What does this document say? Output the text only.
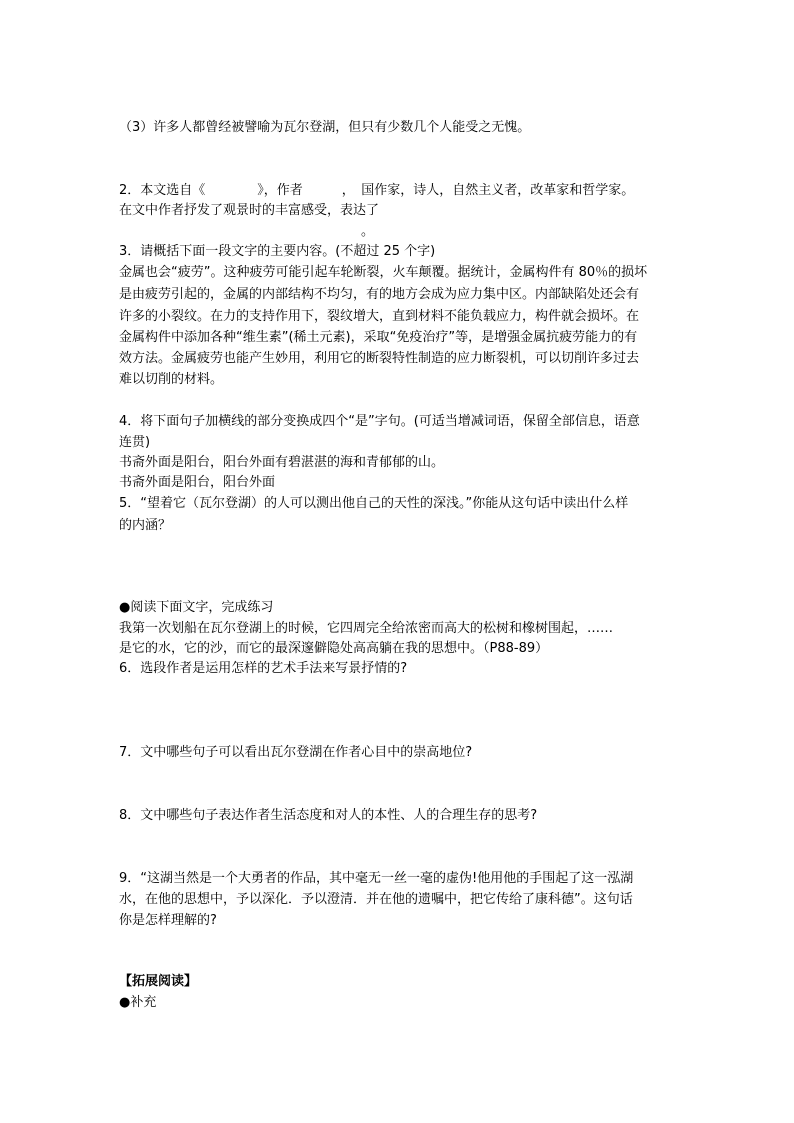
（3）许多人都曾经被譬喻为瓦尔登湖，但只有少数几个人能受之无愧。
2．本文选自《　　　　》，作者　　　，　国作家，诗人，自然主义者，改革家和哲学家。
在文中作者抒发了观景时的丰富感受，表达了
。
3．请概括下面一段文字的主要内容。(不超过 25 个字)
金属也会“疲劳”。这种疲劳可能引起车轮断裂，火车颠覆。据统计，金属构件有 80％的损坏
是由疲劳引起的，金属的内部结构不均匀，有的地方会成为应力集中区。内部缺陷处还会有
许多的小裂纹。在力的支持作用下，裂纹增大，直到材料不能负载应力，构件就会损坏。在
金属构件中添加各种“维生素”(稀土元素)，采取“免疫治疗”等，是增强金属抗疲劳能力的有
效方法。金属疲劳也能产生妙用，利用它的断裂特性制造的应力断裂机，可以切削许多过去
难以切削的材料。
4．将下面句子加横线的部分变换成四个“是”字句。(可适当增减词语，保留全部信息，语意
连贯)
书斋外面是阳台，阳台外面有碧湛湛的海和青郁郁的山。
书斋外面是阳台，阳台外面
5．“望着它（瓦尔登湖）的人可以测出他自己的天性的深浅。”你能从这句话中读出什么样
的内涵？
●阅读下面文字，完成练习
我第一次划船在瓦尔登湖上的时候，它四周完全给浓密而高大的松树和橡树围起，……
是它的水，它的沙，而它的最深邃僻隐处高高躺在我的思想中。（P88-89）
6．选段作者是运用怎样的艺术手法来写景抒情的?
7．文中哪些句子可以看出瓦尔登湖在作者心目中的崇高地位?
8．文中哪些句子表达作者生活态度和对人的本性、人的合理生存的思考?
9．“这湖当然是一个大勇者的作品，其中毫无一丝一毫的虚伪!他用他的手围起了这一泓湖
水，在他的思想中，予以深化．予以澄清．并在他的遗嘱中，把它传给了康科德”。这句话
你是怎样理解的?
【拓展阅读】
●补充
